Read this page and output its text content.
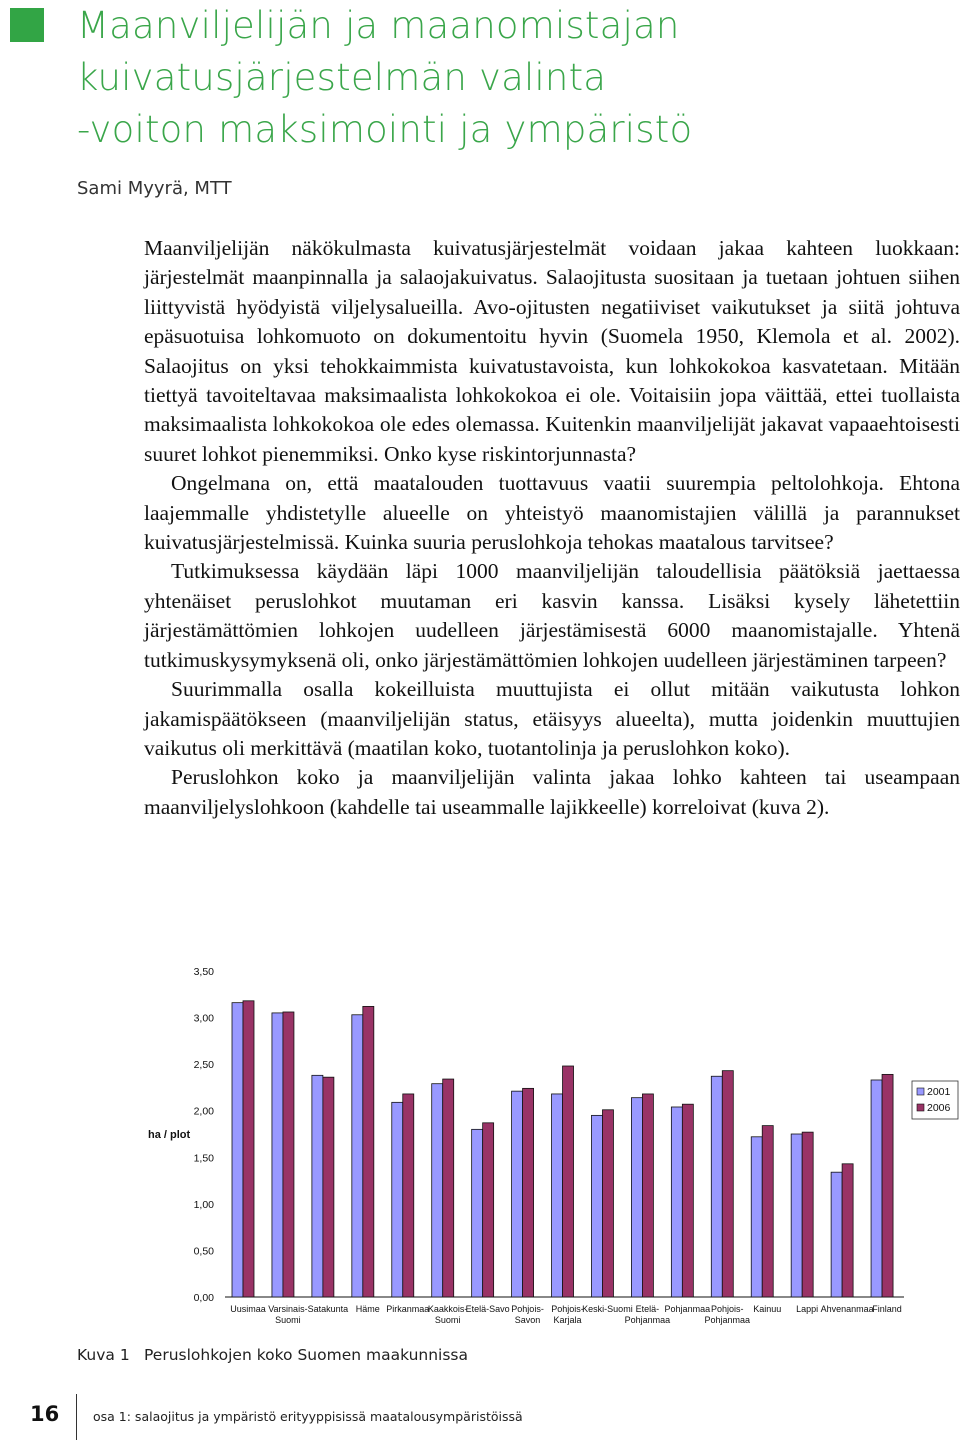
Maanviljelijän ja maanomistajan
kuivatusjärjestelmän valinta
-voiton maksimointi ja ympäristö
Sami Myyrä, MTT

Maanviljelijän näkökulmasta kuivatusjärjestelmät voidaan jakaa kahteen luokkaan: järjestelmät maanpinnalla ja salaojakuivatus. Salaojitusta suositaan ja tuetaan johtuen siihen liittyvistä hyödyistä viljelysalueilla. Avo-ojitusten negatiiviset vaikutukset ja siitä johtuva epäsuotuisa lohkomuoto on dokumentoitu hyvin (Suomela 1950, Klemola et al. 2002). Salaojitus on yksi tehokkaimmista kuivatustavoista, kun lohkokokoa kasvatetaan. Mitään tiettyä tavoiteltavaa maksimaalista lohkokokoa ei ole. Voitaisiin jopa väittää, ettei tuollaista maksimaalista lohkokokoa ole edes olemassa. Kuitenkin maanviljelijät jakavat vapaaehtoisesti suuret lohkot pienemmiksi. Onko kyse riskintorjunnasta?

Ongelmana on, että maatalouden tuottavuus vaatii suurempia peltolohkoja. Ehtona laajemmalle yhdistetylle alueelle on yhteistyö maanomistajien välillä ja parannukset kuivatusjärjestelmissä. Kuinka suuria peruslohkoja tehokas maatalous tarvitsee?

Tutkimuksessa käydään läpi 1000 maanviljelijän taloudellisia päätöksiä jaettaessa yhtenäiset peruslohkot muutaman eri kasvin kanssa. Lisäksi kysely lähetettiin järjestämättömien lohkojen uudelleen järjestämisestä 6000 maanomistajalle. Yhtenä tutkimuskysymyksenä oli, onko järjestämättömien lohkojen uudelleen järjestäminen tarpeen?

Suurimmalla osalla kokeilluista muuttujista ei ollut mitään vaikutusta lohkon jakamispäätökseen (maanviljelijän status, etäisyys alueelta), mutta joidenkin muuttujien vaikutus oli merkittävä (maatilan koko, tuotantolinja ja peruslohkon koko).

Peruslohkon koko ja maanviljelijän valinta jakaa lohko kahteen tai useampaan maanviljelyslohkoon (kahdelle tai useammalle lajikkeelle) korreloivat (kuva 2).

0,00
0,50
1,00
1,50
2,00
2,50
3,00
3,50
ha / plot
Uusimaa Varsinais-
Suomi
Satakunta Häme Pirkanmaa
Kaakkois-
Suomi
Etelä-Savo Pohjois-
Savon
Pohjois-
Karjala
Keski-Suomi Etelä-
Pohjanmaa
Pohjanmaa Pohjois-
Pohjanmaa
Kainuu Lappi Ahvenanmaa
Finland
2001
2006
Kuva 1 Peruslohkojen koko Suomen maakunnissa
16	osa 1: salaojitus ja ympäristö erityyppisissä maatalousympäristöissä
